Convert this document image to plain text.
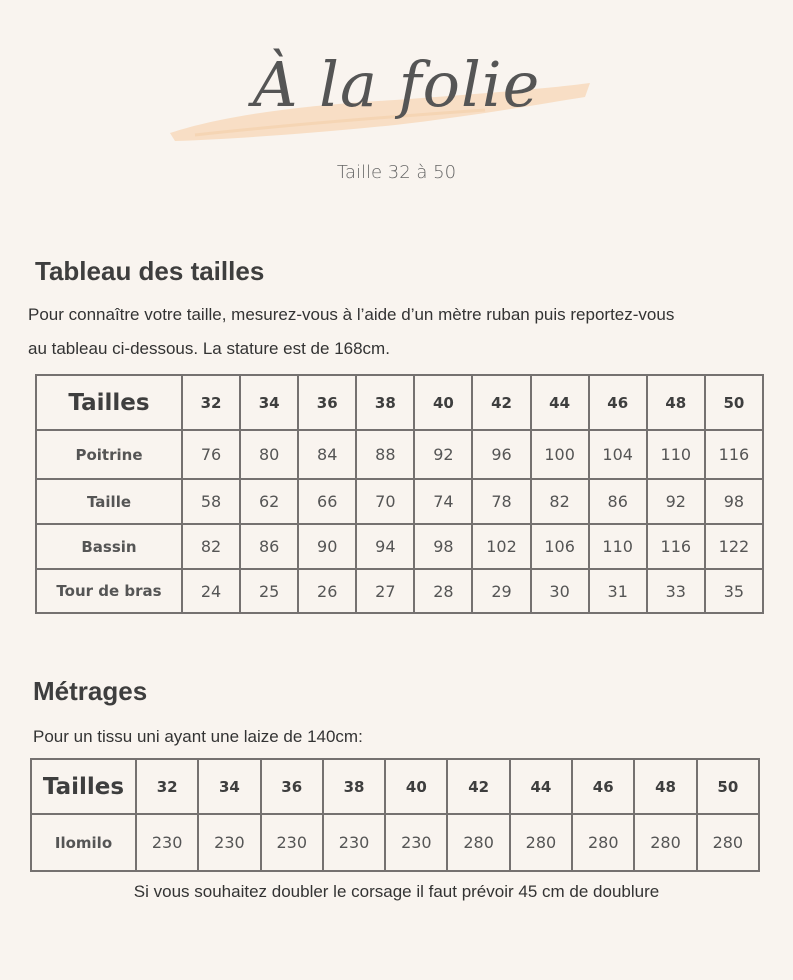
À la folie
Taille 32 à 50
Tableau des tailles

Pour connaître votre taille, mesurez-vous à l’aide d’un mètre ruban puis reportez-vous

au tableau ci-dessous. La stature est de 168cm.

Tailles	32	34	36	38	40	42	44	46	48	50
Poitrine	76	80	84	88	92	96	100	104	110	116
Taille	58	62	66	70	74	78	82	86	92	98
Bassin	82	86	90	94	98	102	106	110	116	122
Tour de bras	24	25	26	27	28	29	30	31	33	35
Métrages

Pour un tissu uni ayant une laize de 140cm:

Tailles	32	34	36	38	40	42	44	46	48	50
Ilomilo	230	230	230	230	230	280	280	280	280	280
Si vous souhaitez doubler le corsage il faut prévoir 45 cm de doublure
